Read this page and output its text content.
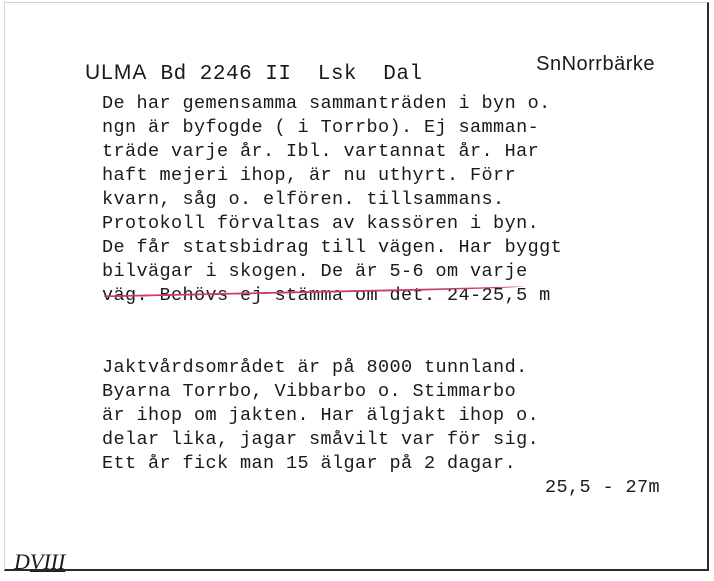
ULMA Bd 2246 II Lsk Dal	SnNorrbärke
De har gemensamma sammanträden i byn o.
ngn är byfogde ( i Torrbo). Ej samman-
träde varje år. Ibl. vartannat år. Har
haft mejeri ihop, är nu uthyrt. Förr
kvarn, såg o. elfören. tillsammans.
Protokoll förvaltas av kassören i byn.
De får statsbidrag till vägen. Har byggt
bilvägar i skogen. De är 5-6 om varje
väg. Behövs ej stämma om det. 24-25,5 m
Jaktvårdsområdet är på 8000 tunnland.
Byarna Torrbo, Vibbarbo o. Stimmarbo
är ihop om jakten. Har älgjakt ihop o.
delar lika, jagar småvilt var för sig.
Ett år fick man 15 älgar på 2 dagar.
25,5 - 27m
DVIII
